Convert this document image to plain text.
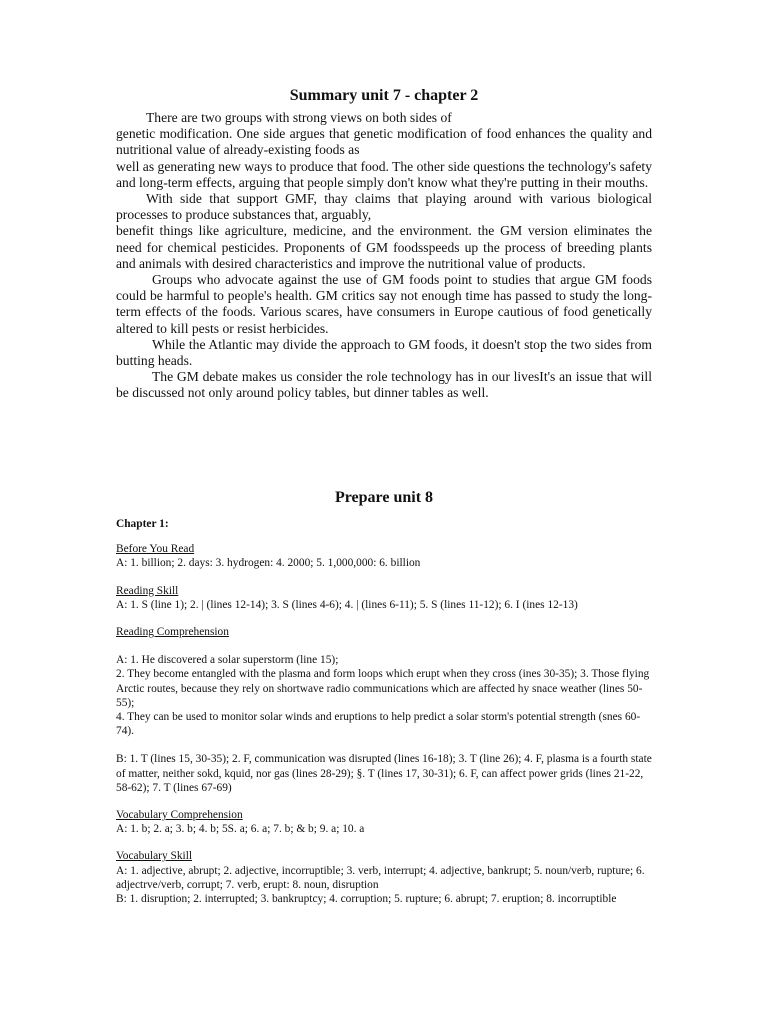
Summary unit 7 - chapter 2

There are two groups with strong views on both sides of

genetic modification. One side argues that genetic modification of food enhances the quality and nutritional value of already-existing foods as

well as generating new ways to produce that food. The other side questions the technology's safety and long-term effects, arguing that people simply don't know what they're putting in their mouths.

With side that support GMF, thay claims that playing around with various biological processes to produce substances that, arguably,

benefit things like agriculture, medicine, and the environment. the GM version eliminates the need for chemical pesticides. Proponents of GM foodsspeeds up the process of breeding plants and animals with desired characteristics and improve the nutritional value of products.

Groups who advocate against the use of GM foods point to studies that argue GM foods could be harmful to people's health. GM critics say not enough time has passed to study the long-term effects of the foods. Various scares, have consumers in Europe cautious of food genetically altered to kill pests or resist herbicides.

While the Atlantic may divide the approach to GM foods, it doesn't stop the two sides from butting heads.

The GM debate makes us consider the role technology has in our livesIt's an issue that will be discussed not only around policy tables, but dinner tables as well.

Prepare unit 8

Chapter 1:

Before You Read

A: 1. billion; 2. days: 3. hydrogen: 4. 2000; 5. 1,000,000: 6. billion

Reading Skill

A: 1. S (line 1); 2. | (lines 12-14); 3. S (lines 4-6); 4. | (lines 6-11); 5. S (lines 11-12); 6. I (ines 12-13)

Reading Comprehension

A: 1. He discovered a solar superstorm (line 15);

2. They become entangled with the plasma and form loops which erupt when they cross (ines 30-35); 3. Those flying Arctic routes, because they rely on shortwave radio communications which are affected hy snace weather (lines 50-55);

4. They can be used to monitor solar winds and eruptions to help predict a solar storm's potential strength (snes 60-74).

B: 1. T (lines 15, 30-35); 2. F, communication was disrupted (lines 16-18); 3. T (line 26); 4. F, plasma is a fourth state of matter, neither sokd, kquid, nor gas (lines 28-29); §. T (lines 17, 30-31); 6. F, can affect power grids (lines 21-22, 58-62); 7. T (lines 67-69)

Vocabulary Comprehension

A: 1. b; 2. a; 3. b; 4. b; 5S. a; 6. a; 7. b; & b; 9. a; 10. a

Vocabulary Skill

A: 1. adjective, abrupt; 2. adjective, incorruptible; 3. verb, interrupt; 4. adjective, bankrupt; 5. noun/verb, rupture; 6. adjectrve/verb, corrupt; 7. verb, erupt: 8. noun, disruption

B: 1. disruption; 2. interrupted; 3. bankruptcy; 4. corruption; 5. rupture; 6. abrupt; 7. eruption; 8. incorruptible
